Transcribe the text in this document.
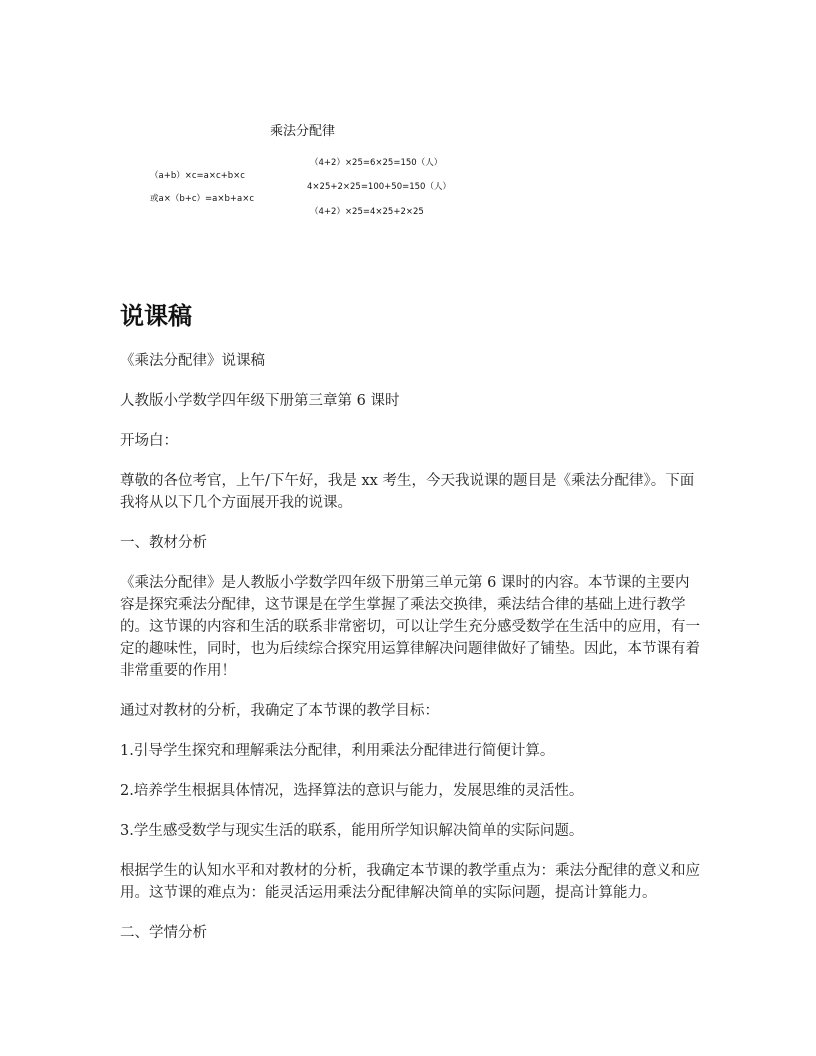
乘法分配律
（a+b）×c=a×c+b×c
或a×（b+c）=a×b+a×c
（4+2）×25=6×25=150（人）
4×25+2×25=100+50=150（人）
（4+2）×25=4×25+2×25
说课稿

《乘法分配律》说课稿

人教版小学数学四年级下册第三章第 6 课时

开场白：

尊敬的各位考官，上午/下午好，我是 xx 考生，今天我说课的题目是《乘法分配律》。下面我将从以下几个方面展开我的说课。

一、教材分析

《乘法分配律》是人教版小学数学四年级下册第三单元第 6 课时的内容。本节课的主要内容是探究乘法分配律，这节课是在学生掌握了乘法交换律，乘法结合律的基础上进行教学的。这节课的内容和生活的联系非常密切，可以让学生充分感受数学在生活中的应用，有一定的趣味性，同时，也为后续综合探究用运算律解决问题律做好了铺垫。因此，本节课有着非常重要的作用！

通过对教材的分析，我确定了本节课的教学目标：

1.引导学生探究和理解乘法分配律，利用乘法分配律进行简便计算。

2.培养学生根据具体情况，选择算法的意识与能力，发展思维的灵活性。

3.学生感受数学与现实生活的联系，能用所学知识解决简单的实际问题。

根据学生的认知水平和对教材的分析，我确定本节课的教学重点为：乘法分配律的意义和应用。这节课的难点为：能灵活运用乘法分配律解决简单的实际问题，提高计算能力。

二、学情分析
